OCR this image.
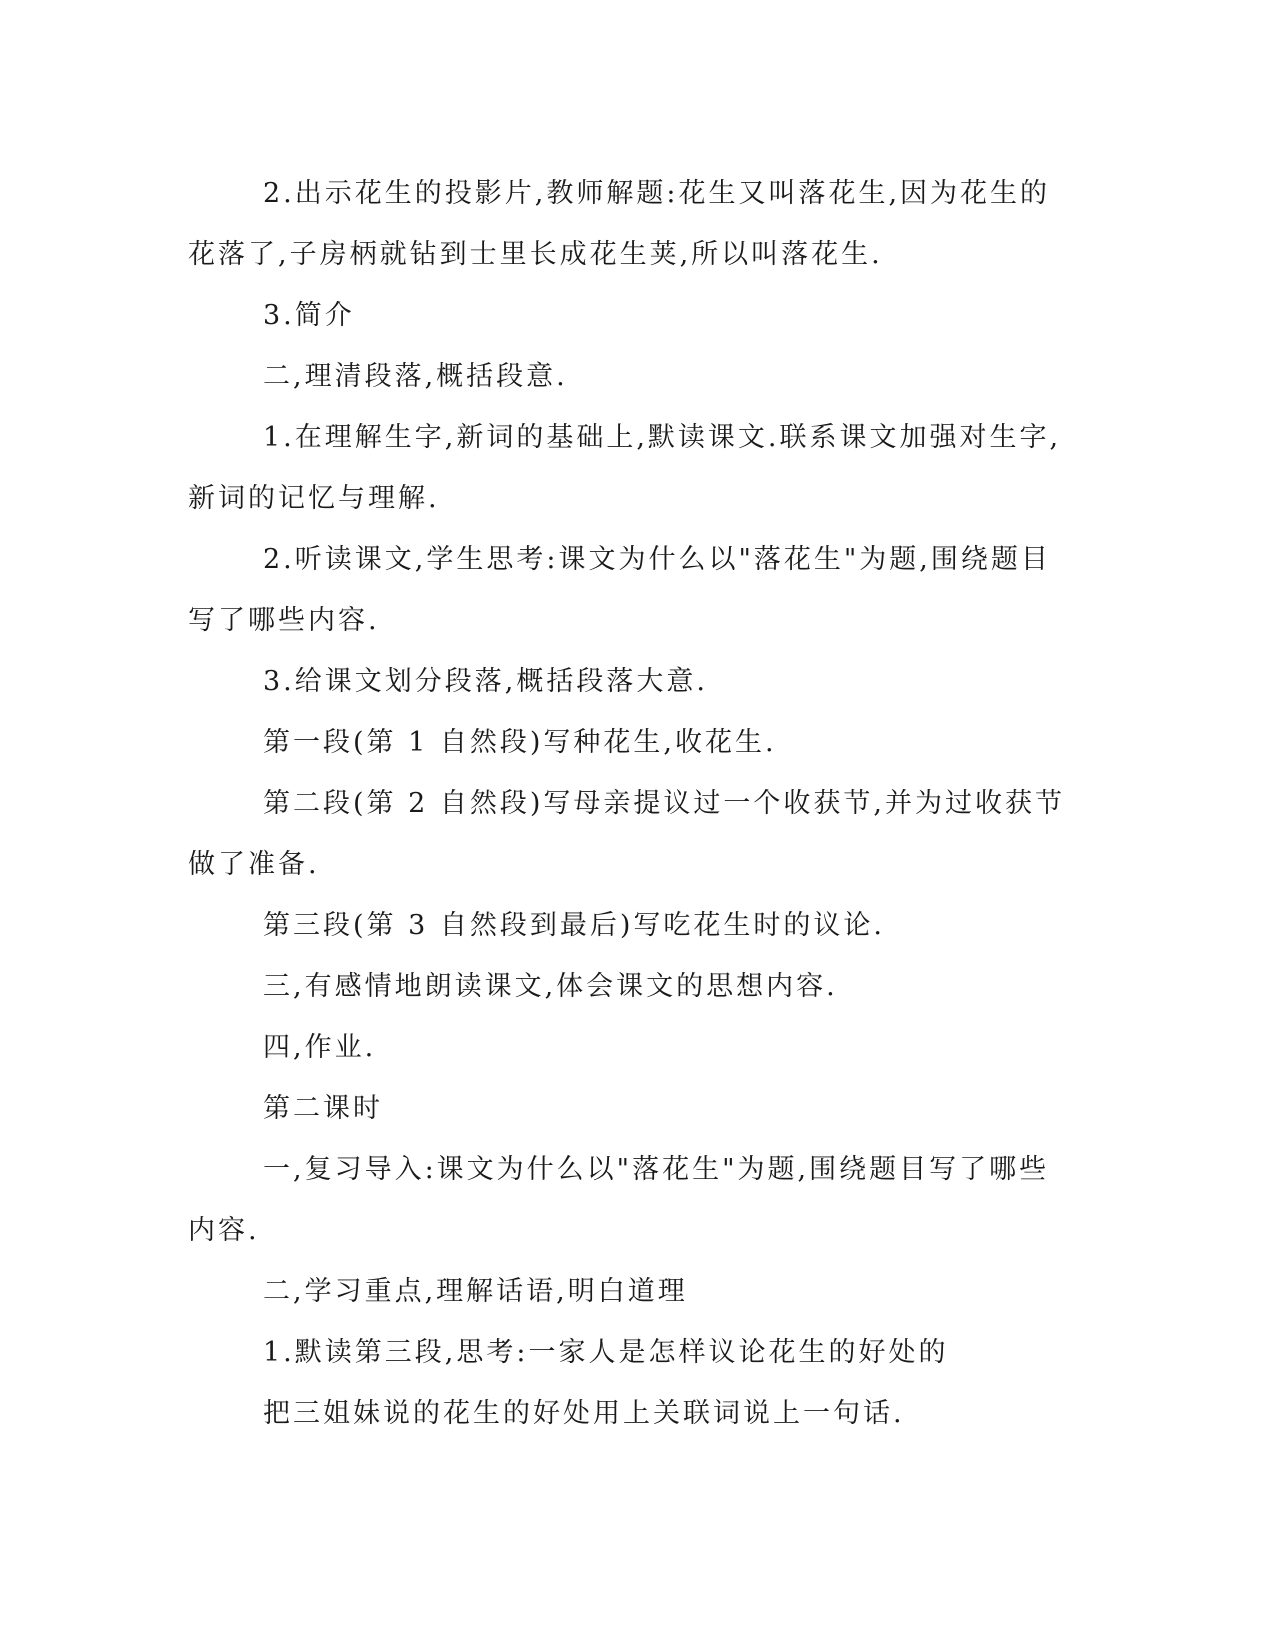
2.出示花生的投影片,教师解题:花生又叫落花生,因为花生的花落了,子房柄就钻到士里长成花生荚,所以叫落花生.

3.简介

二,理清段落,概括段意.

1.在理解生字,新词的基础上,默读课文.联系课文加强对生字,新词的记忆与理解.

2.听读课文,学生思考:课文为什么以"落花生"为题,围绕题目写了哪些内容.

3.给课文划分段落,概括段落大意.

第一段(第 1 自然段)写种花生,收花生.

第二段(第 2 自然段)写母亲提议过一个收获节,并为过收获节做了准备.

第三段(第 3 自然段到最后)写吃花生时的议论.

三,有感情地朗读课文,体会课文的思想内容.

四,作业.

第二课时

一,复习导入:课文为什么以"落花生"为题,围绕题目写了哪些内容.

二,学习重点,理解话语,明白道理

1.默读第三段,思考:一家人是怎样议论花生的好处的

把三姐妹说的花生的好处用上关联词说上一句话.
